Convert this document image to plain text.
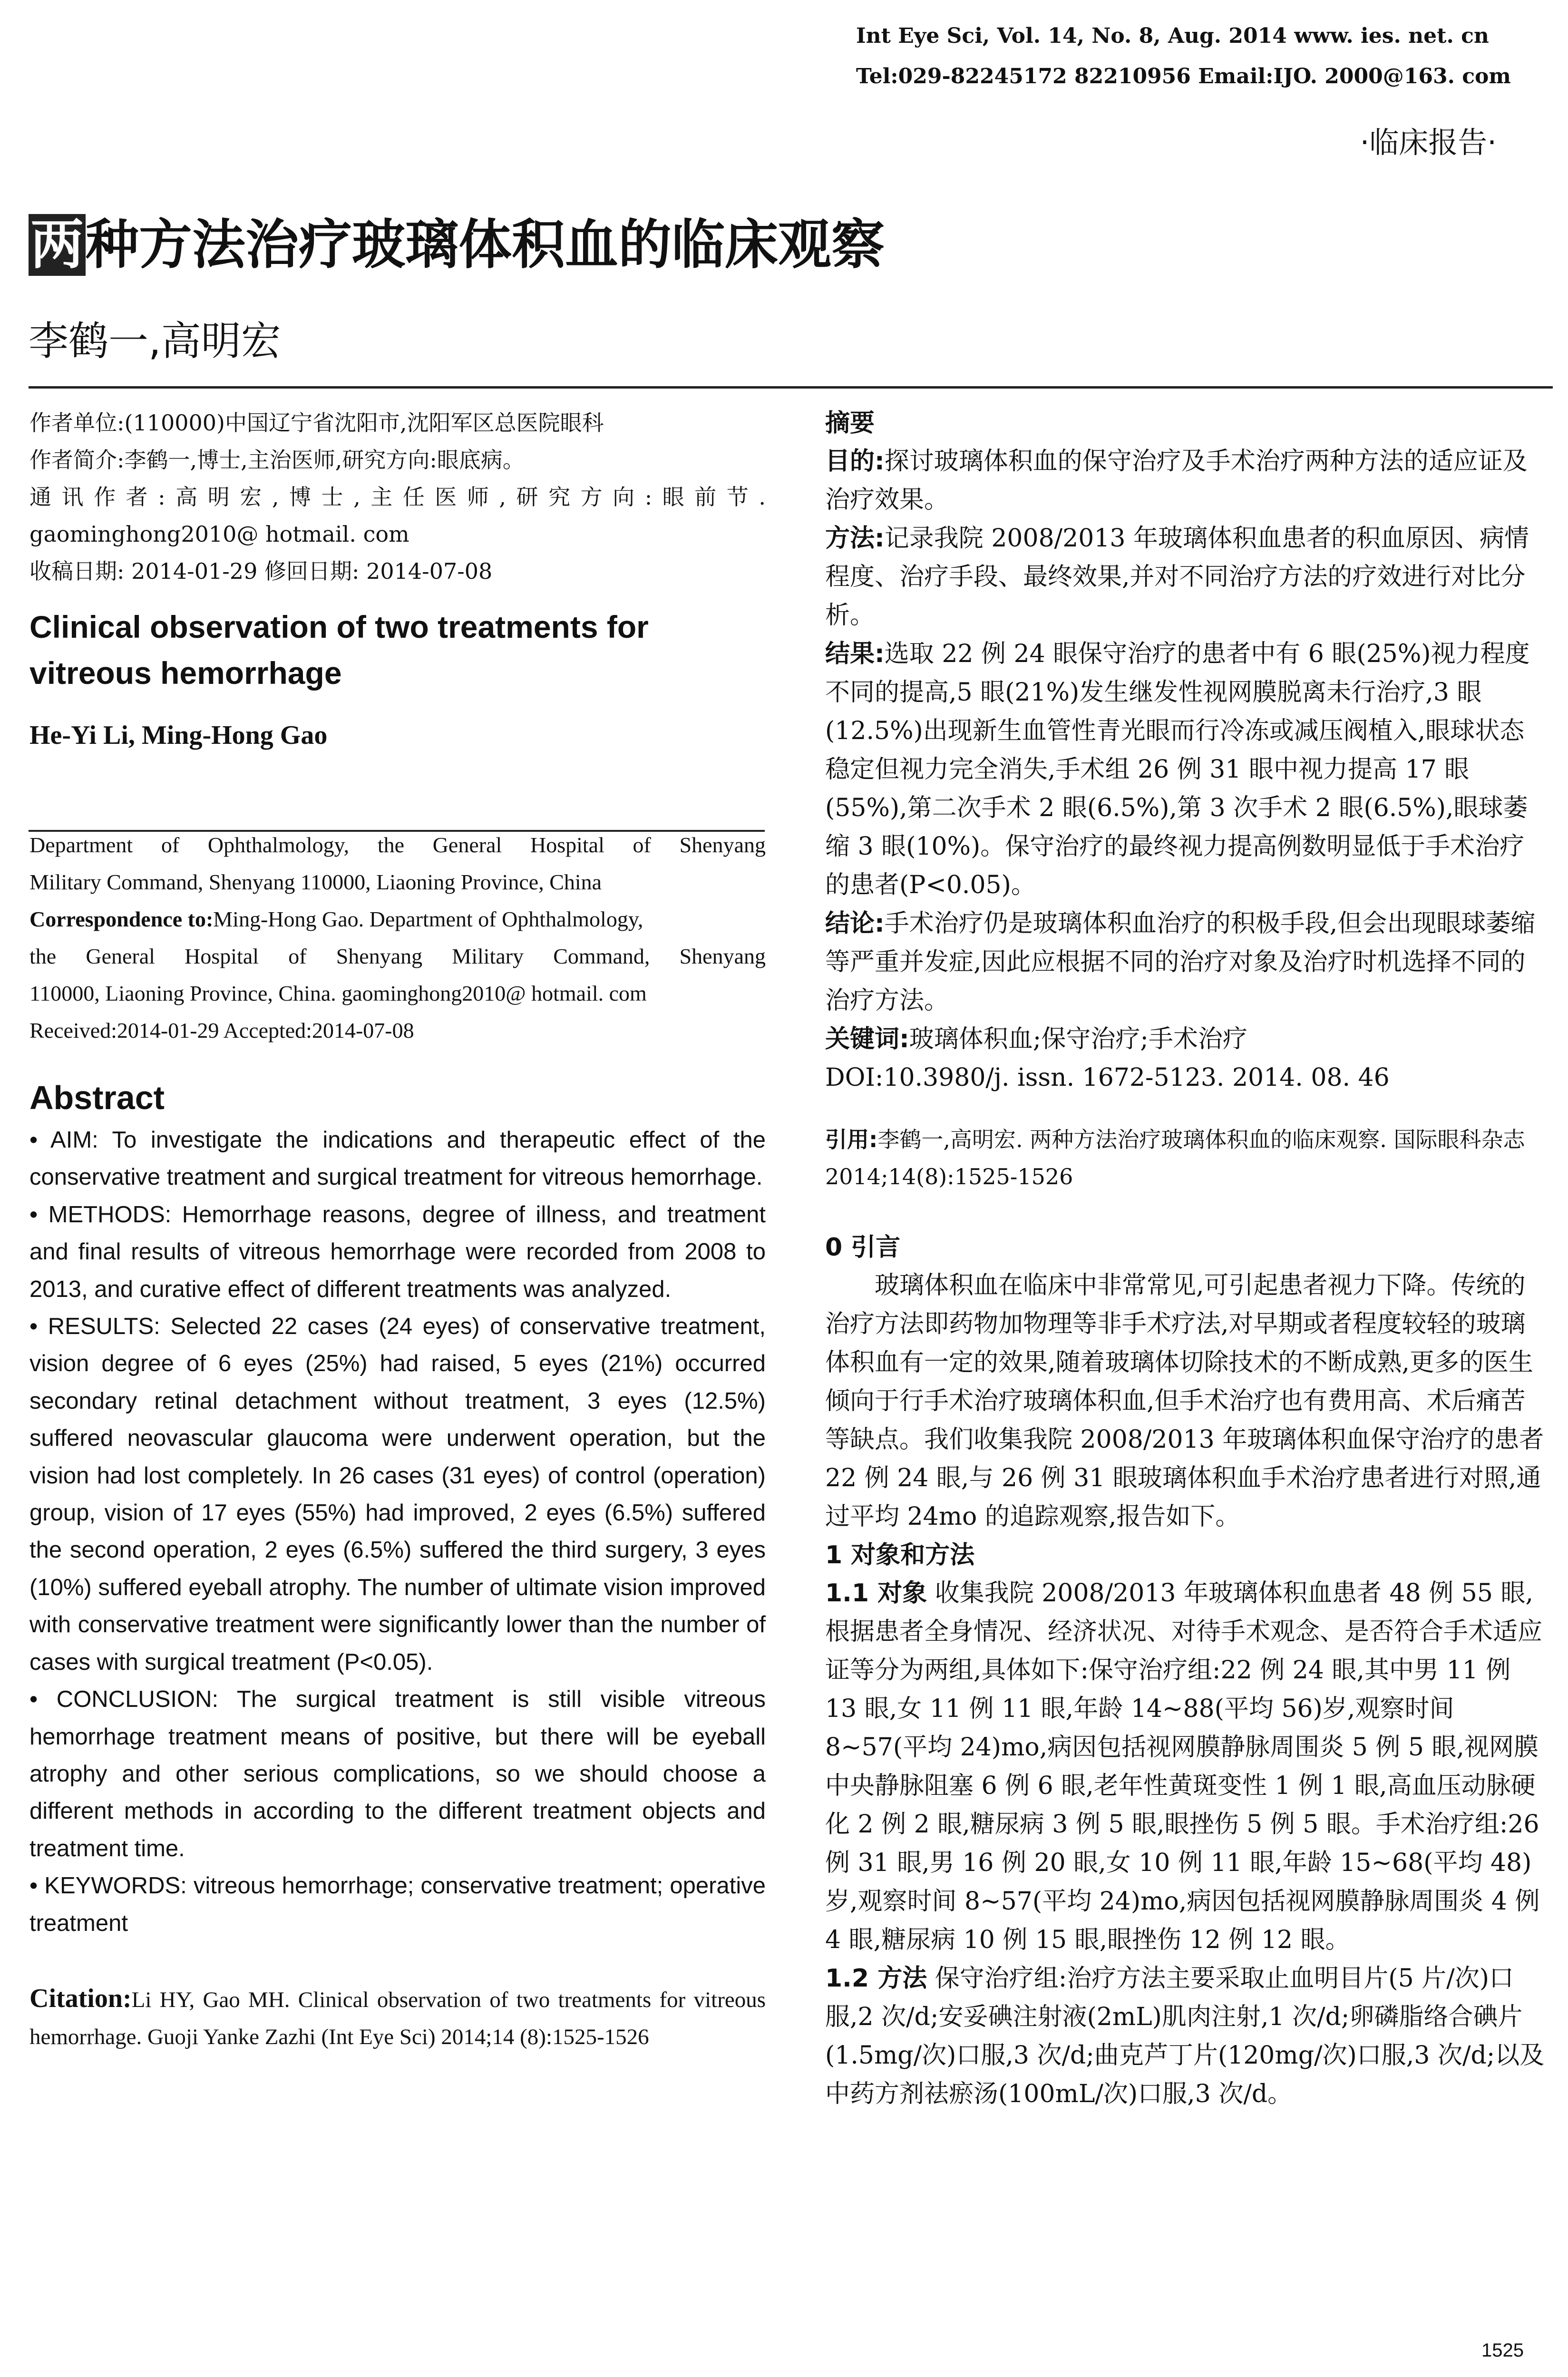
Int Eye Sci, Vol. 14, No. 8, Aug. 2014 www. ies. net. cn
Tel:029-82245172 82210956 Email:IJO. 2000@163. com
·临床报告·
两种方法治疗玻璃体积血的临床观察
李鹤一,高明宏
作者单位:(110000)中国辽宁省沈阳市,沈阳军区总医院眼科
作者简介:李鹤一,博士,主治医师,研究方向:眼底病。
通讯作者:高明宏,博士,主任医师,研究方向:眼前节.
gaominghong2010@ hotmail. com
收稿日期: 2014-01-29 修回日期: 2014-07-08
Clinical observation of two treatments for vitreous hemorrhage
He-Yi Li, Ming-Hong Gao
Department of Ophthalmology, the General Hospital of Shenyang
Military Command, Shenyang 110000, Liaoning Province, China
Correspondence to:Ming-Hong Gao. Department of Ophthalmology,
the General Hospital of Shenyang Military Command, Shenyang
110000, Liaoning Province, China. gaominghong2010@ hotmail. com
Received:2014-01-29 Accepted:2014-07-08
Abstract
• AIM: To investigate the indications and therapeutic effect of the conservative treatment and surgical treatment for vitreous hemorrhage.
• METHODS: Hemorrhage reasons, degree of illness, and treatment and final results of vitreous hemorrhage were recorded from 2008 to 2013, and curative effect of different treatments was analyzed.
• RESULTS: Selected 22 cases (24 eyes) of conservative treatment, vision degree of 6 eyes (25%) had raised, 5 eyes (21%) occurred secondary retinal detachment without treatment, 3 eyes (12.5%) suffered neovascular glaucoma were underwent operation, but the vision had lost completely. In 26 cases (31 eyes) of control (operation) group, vision of 17 eyes (55%) had improved, 2 eyes (6.5%) suffered the second operation, 2 eyes (6.5%) suffered the third surgery, 3 eyes (10%) suffered eyeball atrophy. The number of ultimate vision improved with conservative treatment were significantly lower than the number of cases with surgical treatment (P<0.05).
• CONCLUSION: The surgical treatment is still visible vitreous hemorrhage treatment means of positive, but there will be eyeball atrophy and other serious complications, so we should choose a different methods in according to the different treatment objects and treatment time.
• KEYWORDS: vitreous hemorrhage; conservative treatment; operative treatment
Citation:Li HY, Gao MH. Clinical observation of two treatments for vitreous hemorrhage. Guoji Yanke Zazhi (Int Eye Sci) 2014;14 (8):1525-1526
摘要
目的:探讨玻璃体积血的保守治疗及手术治疗两种方法的适应证及治疗效果。
方法:记录我院 2008/2013 年玻璃体积血患者的积血原因、病情程度、治疗手段、最终效果,并对不同治疗方法的疗效进行对比分析。
结果:选取 22 例 24 眼保守治疗的患者中有 6 眼(25%)视力程度不同的提高,5 眼(21%)发生继发性视网膜脱离未行治疗,3 眼(12.5%)出现新生血管性青光眼而行冷冻或减压阀植入,眼球状态稳定但视力完全消失,手术组 26 例 31 眼中视力提高 17 眼(55%),第二次手术 2 眼(6.5%),第 3 次手术 2 眼(6.5%),眼球萎缩 3 眼(10%)。保守治疗的最终视力提高例数明显低于手术治疗的患者(P<0.05)。
结论:手术治疗仍是玻璃体积血治疗的积极手段,但会出现眼球萎缩等严重并发症,因此应根据不同的治疗对象及治疗时机选择不同的治疗方法。
关键词:玻璃体积血;保守治疗;手术治疗
DOI:10.3980/j. issn. 1672-5123. 2014. 08. 46
引用:李鹤一,高明宏. 两种方法治疗玻璃体积血的临床观察. 国际眼科杂志 2014;14(8):1525-1526
0 引言
玻璃体积血在临床中非常常见,可引起患者视力下降。传统的治疗方法即药物加物理等非手术疗法,对早期或者程度较轻的玻璃体积血有一定的效果,随着玻璃体切除技术的不断成熟,更多的医生倾向于行手术治疗玻璃体积血,但手术治疗也有费用高、术后痛苦等缺点。我们收集我院 2008/2013 年玻璃体积血保守治疗的患者 22 例 24 眼,与 26 例 31 眼玻璃体积血手术治疗患者进行对照,通过平均 24mo 的追踪观察,报告如下。
1 对象和方法
1.1 对象 收集我院 2008/2013 年玻璃体积血患者 48 例 55 眼,根据患者全身情况、经济状况、对待手术观念、是否符合手术适应证等分为两组,具体如下:保守治疗组:22 例 24 眼,其中男 11 例 13 眼,女 11 例 11 眼,年龄 14~88(平均 56)岁,观察时间 8~57(平均 24)mo,病因包括视网膜静脉周围炎 5 例 5 眼,视网膜中央静脉阻塞 6 例 6 眼,老年性黄斑变性 1 例 1 眼,高血压动脉硬化 2 例 2 眼,糖尿病 3 例 5 眼,眼挫伤 5 例 5 眼。手术治疗组:26 例 31 眼,男 16 例 20 眼,女 10 例 11 眼,年龄 15~68(平均 48)岁,观察时间 8~57(平均 24)mo,病因包括视网膜静脉周围炎 4 例 4 眼,糖尿病 10 例 15 眼,眼挫伤 12 例 12 眼。
1.2 方法 保守治疗组:治疗方法主要采取止血明目片(5 片/次)口服,2 次/d;安妥碘注射液(2mL)肌肉注射,1 次/d;卵磷脂络合碘片(1.5mg/次)口服,3 次/d;曲克芦丁片(120mg/次)口服,3 次/d;以及中药方剂祛瘀汤(100mL/次)口服,3 次/d。
1525
